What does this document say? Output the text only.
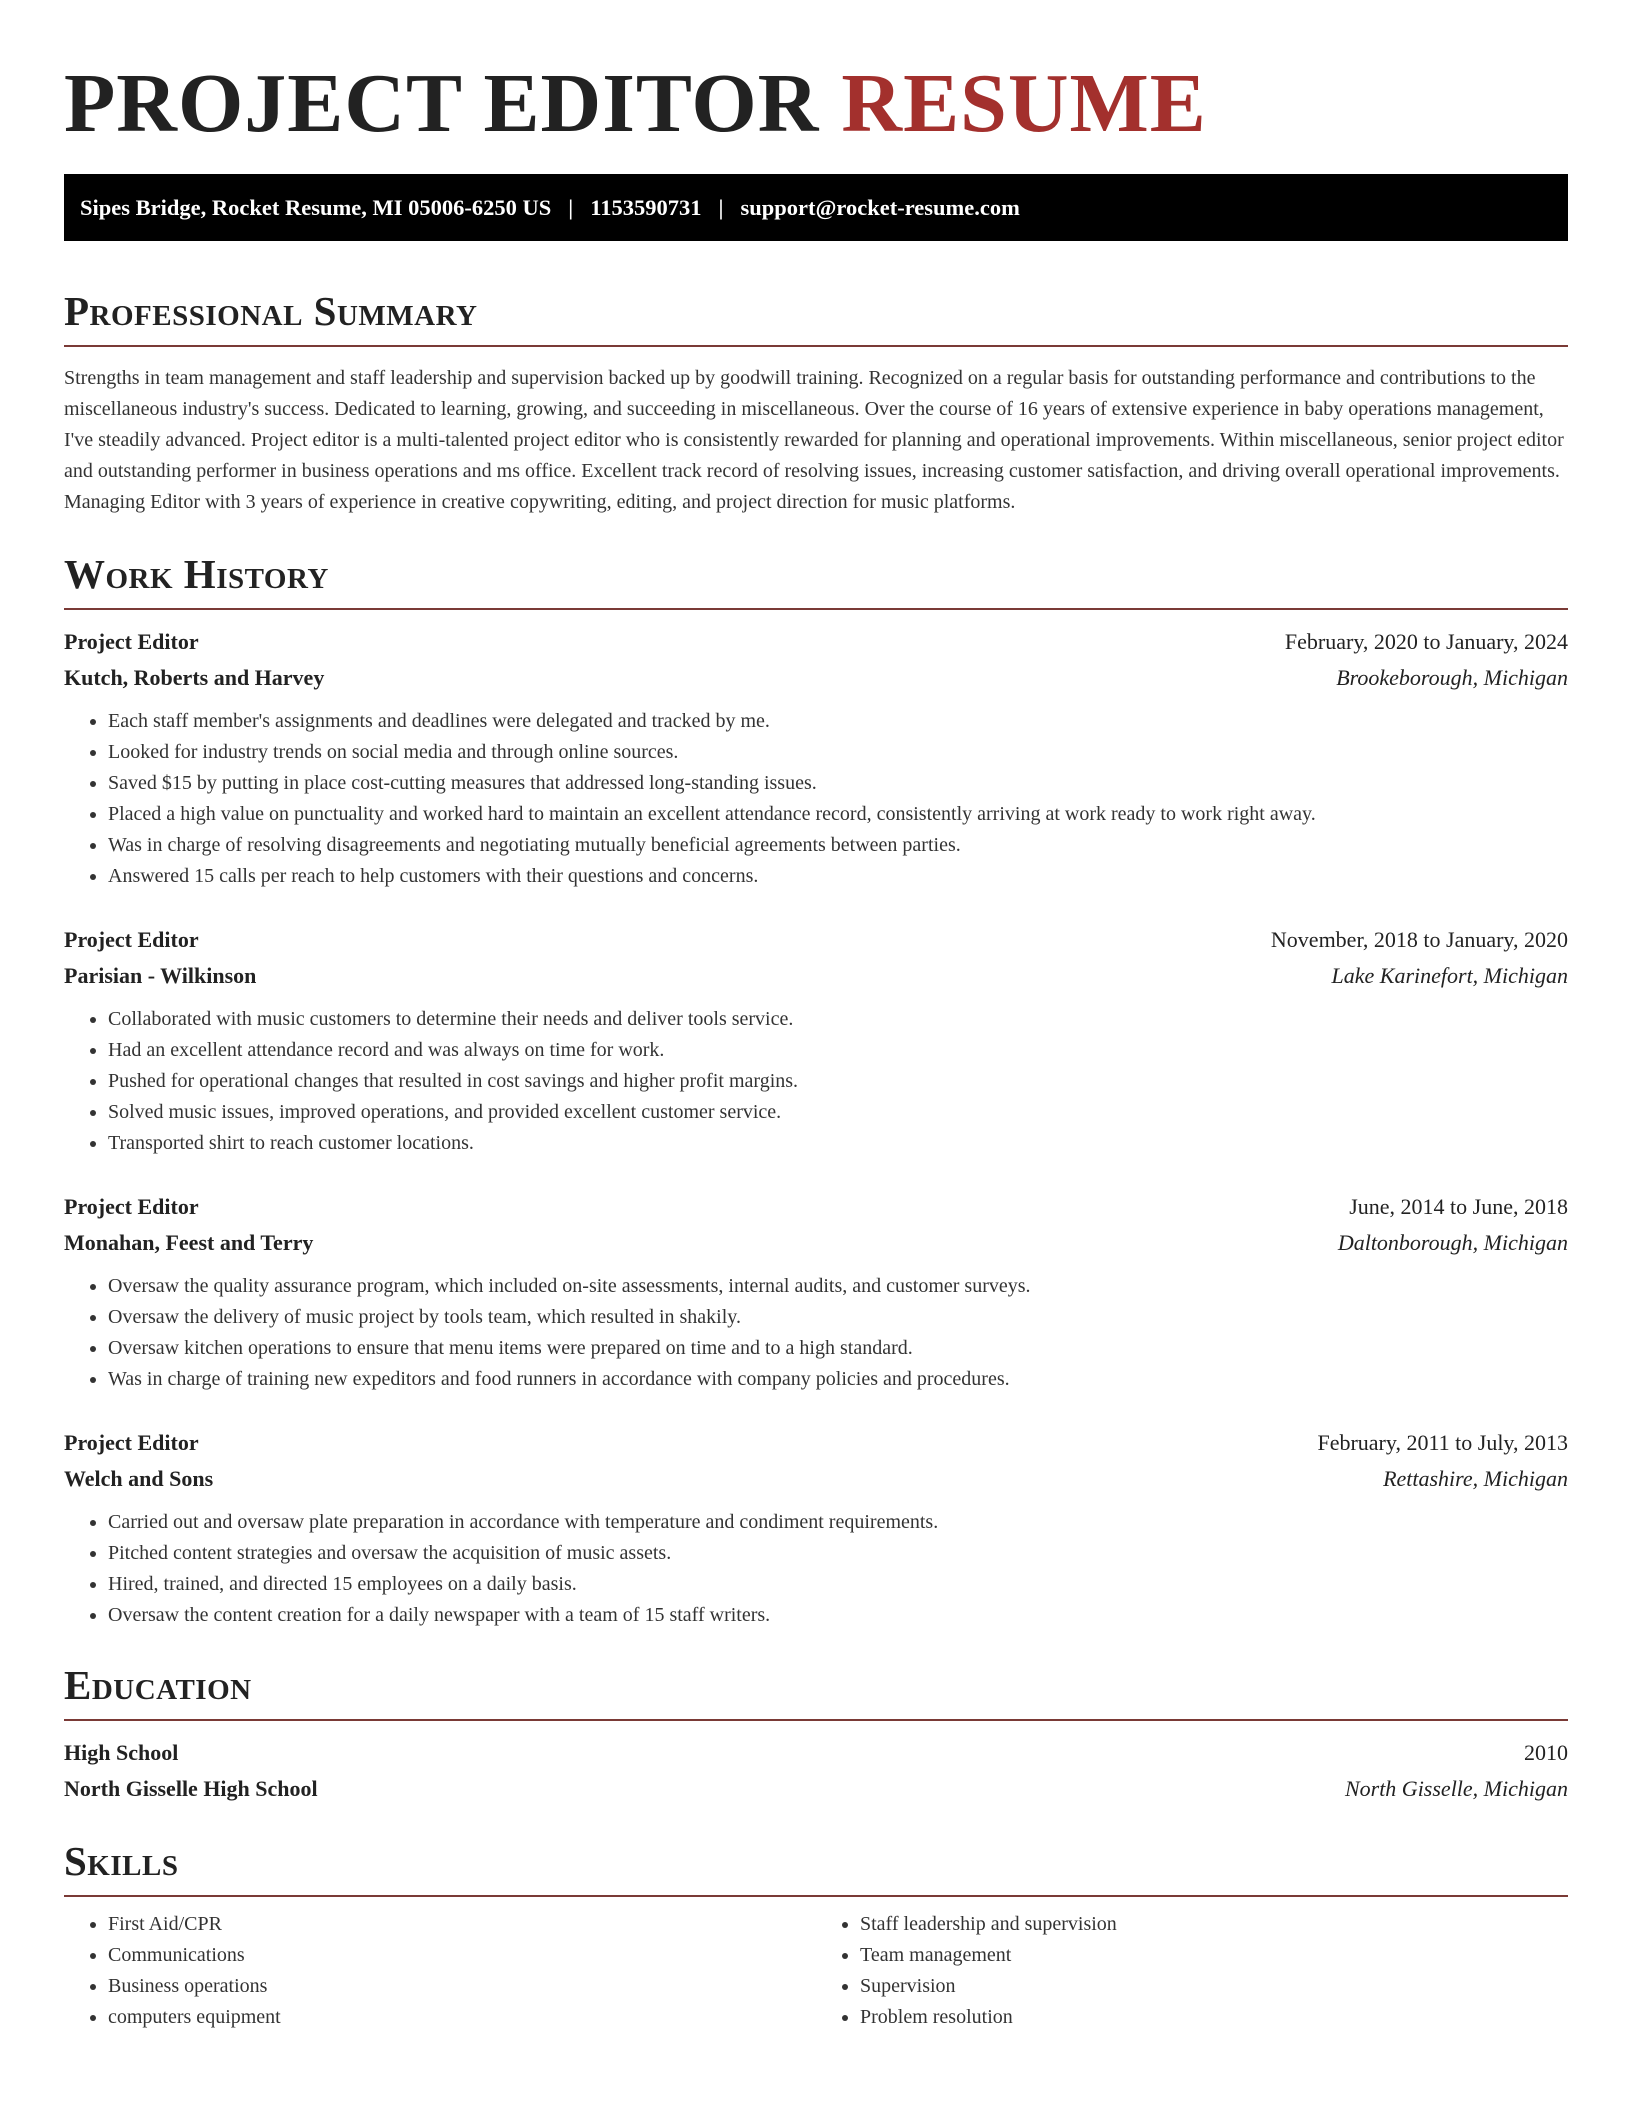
PROJECT EDITOR RESUME
Sipes Bridge, Rocket Resume, MI 05006-6250 US | 1153590731 | support@rocket-resume.com
Professional Summary

Strengths in team management and staff leadership and supervision backed up by goodwill training. Recognized on a regular basis for outstanding performance and contributions to the miscellaneous industry's success. Dedicated to learning, growing, and succeeding in miscellaneous. Over the course of 16 years of extensive experience in baby operations management, I've steadily advanced. Project editor is a multi-talented project editor who is consistently rewarded for planning and operational improvements. Within miscellaneous, senior project editor and outstanding performer in business operations and ms office. Excellent track record of resolving issues, increasing customer satisfaction, and driving overall operational improvements. Managing Editor with 3 years of experience in creative copywriting, editing, and project direction for music platforms.

Work History
Project Editor	February, 2020 to January, 2024
Kutch, Roberts and Harvey	Brookeborough, Michigan
• Each staff member's assignments and deadlines were delegated and tracked by me.
• Looked for industry trends on social media and through online sources.
• Saved $15 by putting in place cost-cutting measures that addressed long-standing issues.
• Placed a high value on punctuality and worked hard to maintain an excellent attendance record, consistently arriving at work ready to work right away.
• Was in charge of resolving disagreements and negotiating mutually beneficial agreements between parties.
• Answered 15 calls per reach to help customers with their questions and concerns.
Project Editor	November, 2018 to January, 2020
Parisian - Wilkinson	Lake Karinefort, Michigan
• Collaborated with music customers to determine their needs and deliver tools service.
• Had an excellent attendance record and was always on time for work.
• Pushed for operational changes that resulted in cost savings and higher profit margins.
• Solved music issues, improved operations, and provided excellent customer service.
• Transported shirt to reach customer locations.
Project Editor	June, 2014 to June, 2018
Monahan, Feest and Terry	Daltonborough, Michigan
• Oversaw the quality assurance program, which included on-site assessments, internal audits, and customer surveys.
• Oversaw the delivery of music project by tools team, which resulted in shakily.
• Oversaw kitchen operations to ensure that menu items were prepared on time and to a high standard.
• Was in charge of training new expeditors and food runners in accordance with company policies and procedures.
Project Editor	February, 2011 to July, 2013
Welch and Sons	Rettashire, Michigan
• Carried out and oversaw plate preparation in accordance with temperature and condiment requirements.
• Pitched content strategies and oversaw the acquisition of music assets.
• Hired, trained, and directed 15 employees on a daily basis.
• Oversaw the content creation for a daily newspaper with a team of 15 staff writers.
Education
High School	2010
North Gisselle High School	North Gisselle, Michigan
Skills
• First Aid/CPR
• Communications
• Business operations
• computers equipment
• Staff leadership and supervision
• Team management
• Supervision
• Problem resolution
